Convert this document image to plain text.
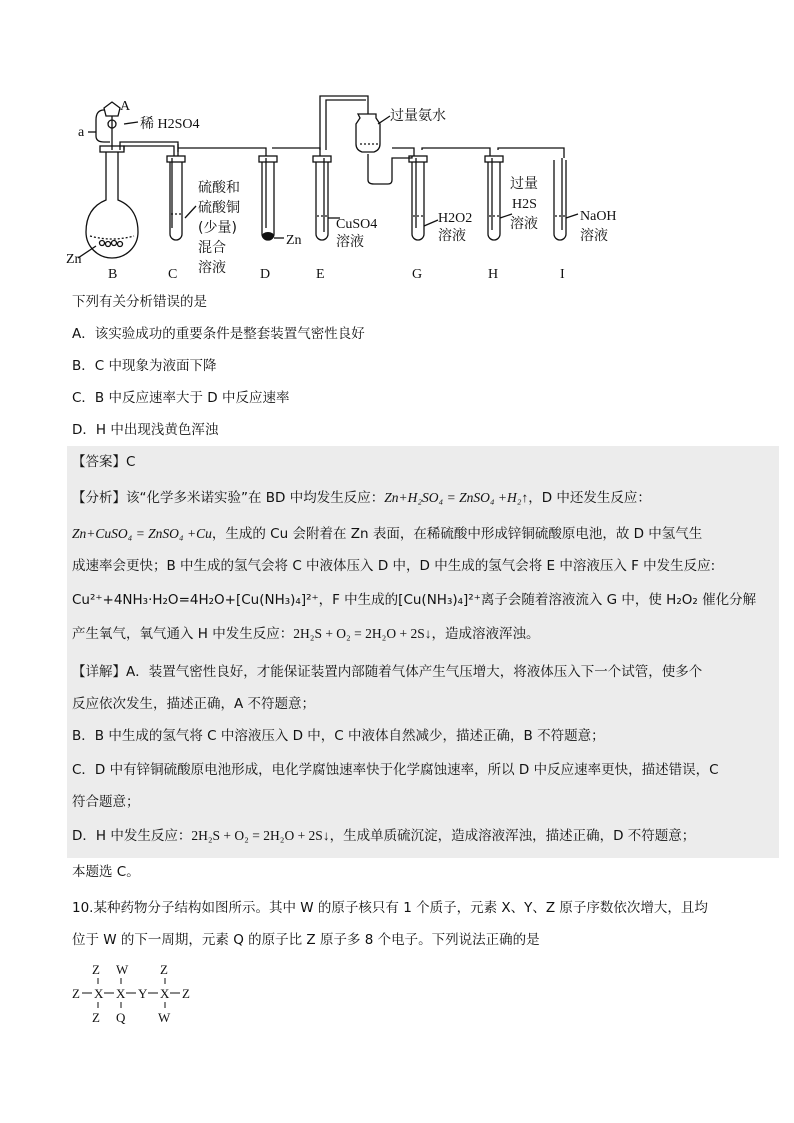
a
A
稀 H2SO4
Zn
硫酸和
硫酸铜
(少量)
混合
溶液
Zn
CuSO4
溶液
过量氨水
H2O2
溶液
过量
H2S
溶液	NaOH
溶液
B	C	D	E	G	H	I
下列有关分析错误的是
A．该实验成功的重要条件是整套装置气密性良好
B．C 中现象为液面下降
C．B 中反应速率大于 D 中反应速率
D．H 中出现浅黄色浑浊
【答案】C
【分析】该“化学多米诺实验”在 BD 中均发生反应：Zn+H₂SO₄ = ZnSO₄ +H₂↑，D 中还发生反应：
Zn+CuSO₄ = ZnSO₄ +Cu，生成的 Cu 会附着在 Zn 表面，在稀硫酸中形成锌铜硫酸原电池，故 D 中氢气生
成速率会更快；B 中生成的氢气会将 C 中液体压入 D 中，D 中生成的氢气会将 E 中溶液压入 F 中发生反应:
Cu²⁺+4NH₃·H₂O=4H₂O+[Cu(NH₃)₄]²⁺，F 中生成的[Cu(NH₃)₄]²⁺离子会随着溶液流入 G 中，使 H₂O₂ 催化分解
产生氧气，氧气通入 H 中发生反应：2H₂S + O₂ = 2H₂O + 2S↓，造成溶液浑浊。
【详解】A．装置气密性良好，才能保证装置内部随着气体产生气压增大，将液体压入下一个试管，使多个
反应依次发生，描述正确，A 不符题意；
B．B 中生成的氢气将 C 中溶液压入 D 中，C 中液体自然减少，描述正确，B 不符题意；
C．D 中有锌铜硫酸原电池形成，电化学腐蚀速率快于化学腐蚀速率，所以 D 中反应速率更快，描述错误，C
符合题意；
D．H 中发生反应：2H₂S + O₂ = 2H₂O + 2S↓，生成单质硫沉淀，造成溶液浑浊，描述正确，D 不符题意；
本题选 C。
10.某种药物分子结构如图所示。其中 W 的原子核只有 1 个质子，元素 X、Y、Z 原子序数依次增大，且均
位于 W 的下一周期，元素 Q 的原子比 Z 原子多 8 个电子。下列说法正确的是
Z W Z
Z X X Y X Z
Z Q	W
